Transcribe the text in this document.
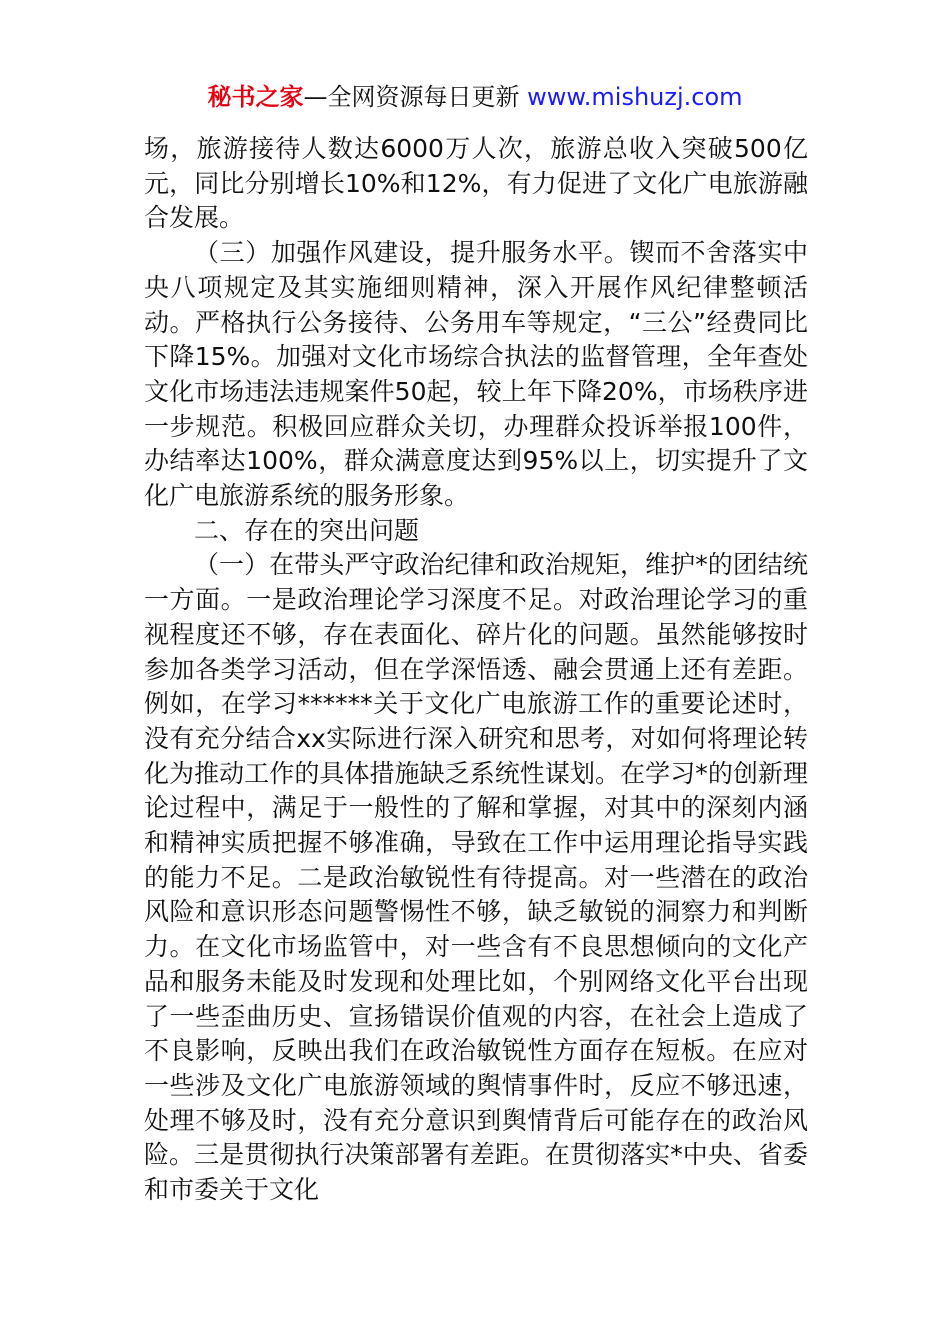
秘书之家—全网资源每日更新 www.mishuzj.com

场，旅游接待人数达6000万人次，旅游总收入突破500亿元，同比分别增长10%和12%，有力促进了文化广电旅游融合发展。

（三）加强作风建设，提升服务水平。锲而不舍落实中央八项规定及其实施细则精神，深入开展作风纪律整顿活动。严格执行公务接待、公务用车等规定，“三公”经费同比下降15%。加强对文化市场综合执法的监督管理，全年查处文化市场违法违规案件50起，较上年下降20%，市场秩序进一步规范。积极回应群众关切，办理群众投诉举报100件，办结率达100%，群众满意度达到95%以上，切实提升了文化广电旅游系统的服务形象。

二、存在的突出问题

（一）在带头严守政治纪律和政治规矩，维护*的团结统一方面。一是政治理论学习深度不足。对政治理论学习的重视程度还不够，存在表面化、碎片化的问题。虽然能够按时参加各类学习活动，但在学深悟透、融会贯通上还有差距。例如，在学习******关于文化广电旅游工作的重要论述时，没有充分结合xx实际进行深入研究和思考，对如何将理论转化为推动工作的具体措施缺乏系统性谋划。在学习*的创新理论过程中，满足于一般性的了解和掌握，对其中的深刻内涵和精神实质把握不够准确，导致在工作中运用理论指导实践的能力不足。二是政治敏锐性有待提高。对一些潜在的政治风险和意识形态问题警惕性不够，缺乏敏锐的洞察力和判断力。在文化市场监管中，对一些含有不良思想倾向的文化产品和服务未能及时发现和处理比如，个别网络文化平台出现了一些歪曲历史、宣扬错误价值观的内容，在社会上造成了不良影响，反映出我们在政治敏锐性方面存在短板。在应对一些涉及文化广电旅游领域的舆情事件时，反应不够迅速，处理不够及时，没有充分意识到舆情背后可能存在的政治风险。三是贯彻执行决策部署有差距。在贯彻落实*中央、省委和市委关于文化
